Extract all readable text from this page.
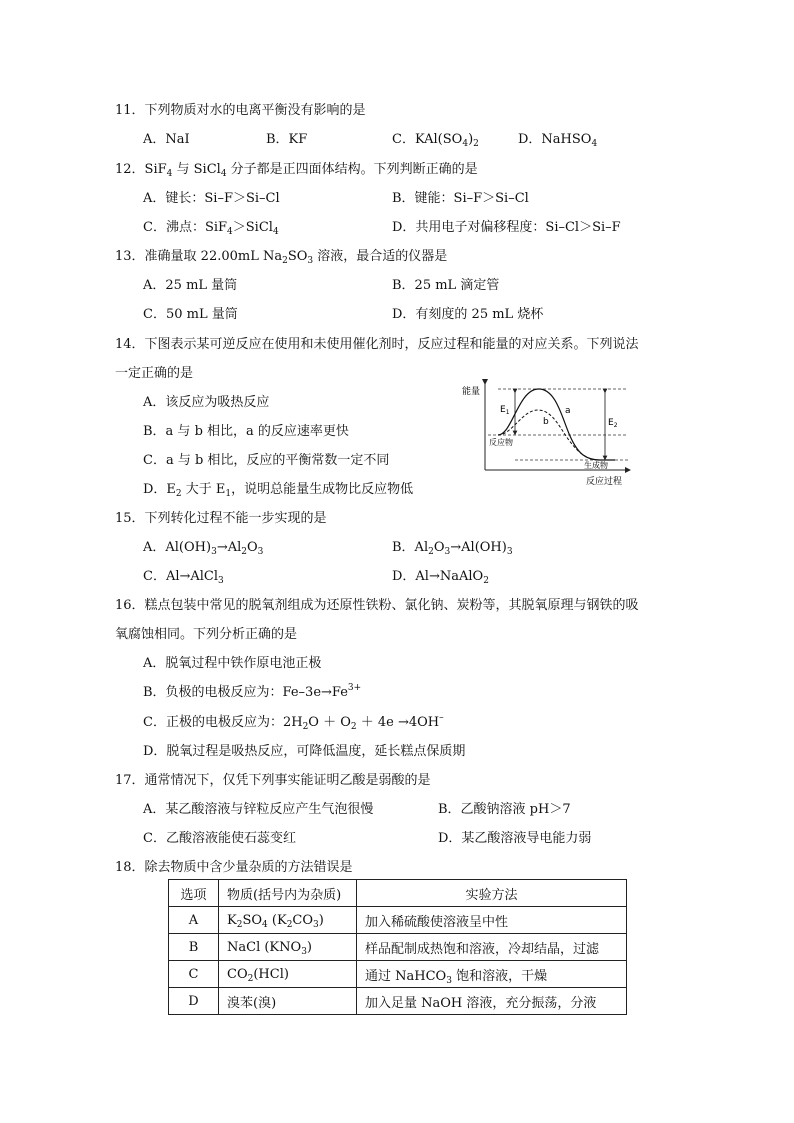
11．下列物质对水的电离平衡没有影响的是
A．NaI	B．KF	C．$KAl(SO_4)_2$	D．NaHSO$_4$
12．SiF$_4$ 与 SiCl$_4$ 分子都是正四面体结构。下列判断正确的是
A．键长：Si–F＞Si–Cl	B．键能：Si–F＞Si–Cl
C．沸点：SiF$_4$＞SiCl$_4$	D．共用电子对偏移程度：Si–Cl＞Si–F
13．准确量取 22.00mL $Na_2SO_3$ 溶液，最合适的仪器是
A．25 mL 量筒	B．25 mL 滴定管
C．50 mL 量筒	D．有刻度的 25 mL 烧杯
14．下图表示某可逆反应在使用和未使用催化剂时，反应过程和能量的对应关系。下列说法
一定正确的是
A．该反应为吸热反应
B．a 与 b 相比，a 的反应速率更快
C．a 与 b 相比，反应的平衡常数一定不同
D．$E_2$ 大于 $E_1$，说明总能量生成物比反应物低
能量
反应过程
$E_1$
$E_2$
a
b
反应物
生成物
15．下列转化过程不能一步实现的是
A．$Al(OH)_3\to Al_2O_3$	B．$Al_2O_3\to Al(OH)_3$
C．Al→AlCl$_3$	D．Al→NaAlO$_2$
16．糕点包装中常见的脱氧剂组成为还原性铁粉、氯化钠、炭粉等，其脱氧原理与钢铁的吸
氧腐蚀相同。下列分析正确的是
A．脱氧过程中铁作原电池正极
B．负极的电极反应为：$Fe-3e\to Fe^{3+}$
C．正极的电极反应为：$2H_2O + O_2 + 4e \to 4OH^-$
D．脱氧过程是吸热反应，可降低温度，延长糕点保质期
17．通常情况下，仅凭下列事实能证明乙酸是弱酸的是
A．某乙酸溶液与锌粒反应产生气泡很慢	B．乙酸钠溶液 pH＞7
C．乙酸溶液能使石蕊变红	D．某乙酸溶液导电能力弱
18．除去物质中含少量杂质的方法错误是
选项	物质(括号内为杂质)	实验方法
A	$K_2SO_4$ $(K_2CO_3)$	加入稀硫酸使溶液呈中性
B	NaCl $(KNO_3)$	样品配制成热饱和溶液，冷却结晶，过滤
C	$CO_2(HCl)$	通过 NaHCO$_3$ 饱和溶液，干燥
D	溴苯(溴)	加入足量 NaOH 溶液，充分振荡，分液
